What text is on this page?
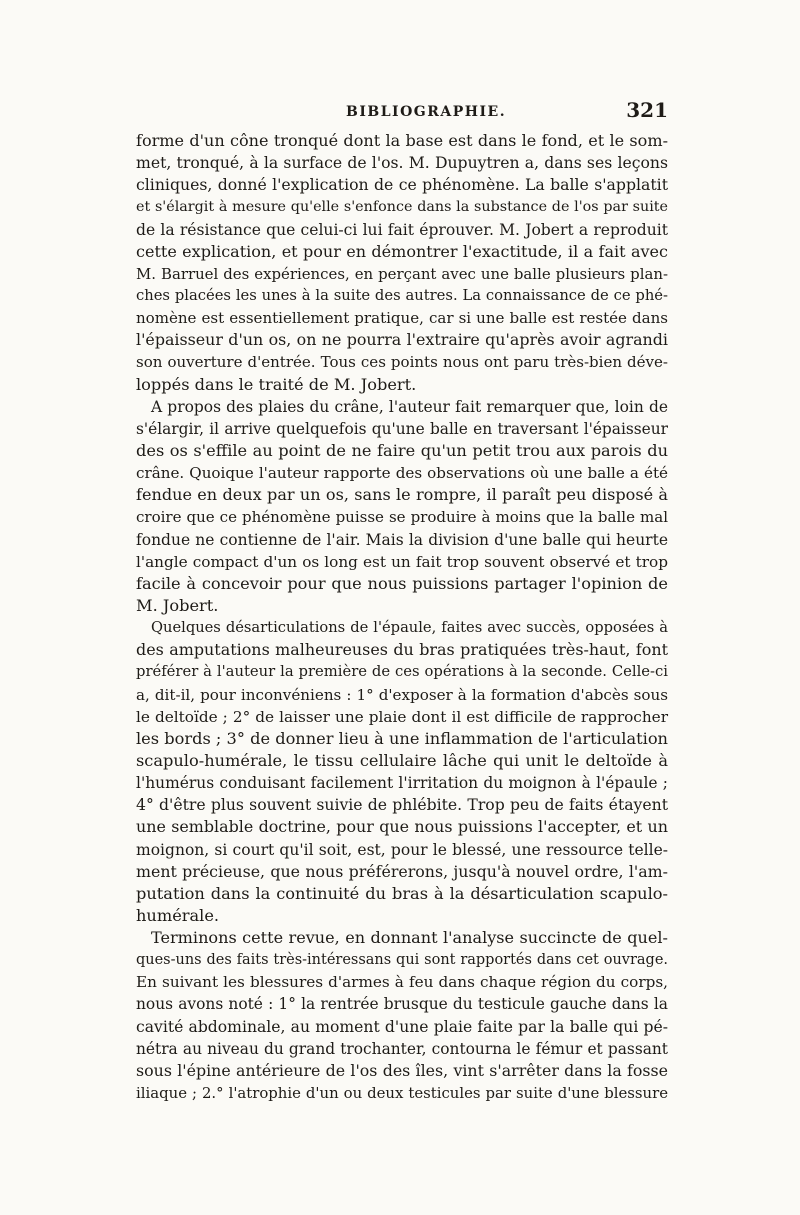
BIBLIOGRAPHIE.	321
forme d'un cône tronqué dont la base est dans le fond, et le som-
met, tronqué, à la surface de l'os. M. Dupuytren a, dans ses leçons
cliniques, donné l'explication de ce phénomène. La balle s'applatit
et s'élargit à mesure qu'elle s'enfonce dans la substance de l'os par suite
de la résistance que celui-ci lui fait éprouver. M. Jobert a reproduit
cette explication, et pour en démontrer l'exactitude, il a fait avec
M. Barruel des expériences, en perçant avec une balle plusieurs plan-
ches placées les unes à la suite des autres. La connaissance de ce phé-
nomène est essentiellement pratique, car si une balle est restée dans
l'épaisseur d'un os, on ne pourra l'extraire qu'après avoir agrandi
son ouverture d'entrée. Tous ces points nous ont paru très-bien déve-
loppés dans le traité de M. Jobert.
A propos des plaies du crâne, l'auteur fait remarquer que, loin de
s'élargir, il arrive quelquefois qu'une balle en traversant l'épaisseur
des os s'effile au point de ne faire qu'un petit trou aux parois du
crâne. Quoique l'auteur rapporte des observations où une balle a été
fendue en deux par un os, sans le rompre, il paraît peu disposé à
croire que ce phénomène puisse se produire à moins que la balle mal
fondue ne contienne de l'air. Mais la division d'une balle qui heurte
l'angle compact d'un os long est un fait trop souvent observé et trop
facile à concevoir pour que nous puissions partager l'opinion de
M. Jobert.
Quelques désarticulations de l'épaule, faites avec succès, opposées à
des amputations malheureuses du bras pratiquées très-haut, font
préférer à l'auteur la première de ces opérations à la seconde. Celle-ci
a, dit-il, pour inconvéniens : 1° d'exposer à la formation d'abcès sous
le deltoïde ; 2° de laisser une plaie dont il est difficile de rapprocher
les bords ; 3° de donner lieu à une inflammation de l'articulation
scapulo-humérale, le tissu cellulaire lâche qui unit le deltoïde à
l'humérus conduisant facilement l'irritation du moignon à l'épaule ;
4° d'être plus souvent suivie de phlébite. Trop peu de faits étayent
une semblable doctrine, pour que nous puissions l'accepter, et un
moignon, si court qu'il soit, est, pour le blessé, une ressource telle-
ment précieuse, que nous préférerons, jusqu'à nouvel ordre, l'am-
putation dans la continuité du bras à la désarticulation scapulo-
humérale.
Terminons cette revue, en donnant l'analyse succincte de quel-
ques-uns des faits très-intéressans qui sont rapportés dans cet ouvrage.
En suivant les blessures d'armes à feu dans chaque région du corps,
nous avons noté : 1° la rentrée brusque du testicule gauche dans la
cavité abdominale, au moment d'une plaie faite par la balle qui pé-
nétra au niveau du grand trochanter, contourna le fémur et passant
sous l'épine antérieure de l'os des îles, vint s'arrêter dans la fosse
iliaque ; 2.° l'atrophie d'un ou deux testicules par suite d'une blessure
